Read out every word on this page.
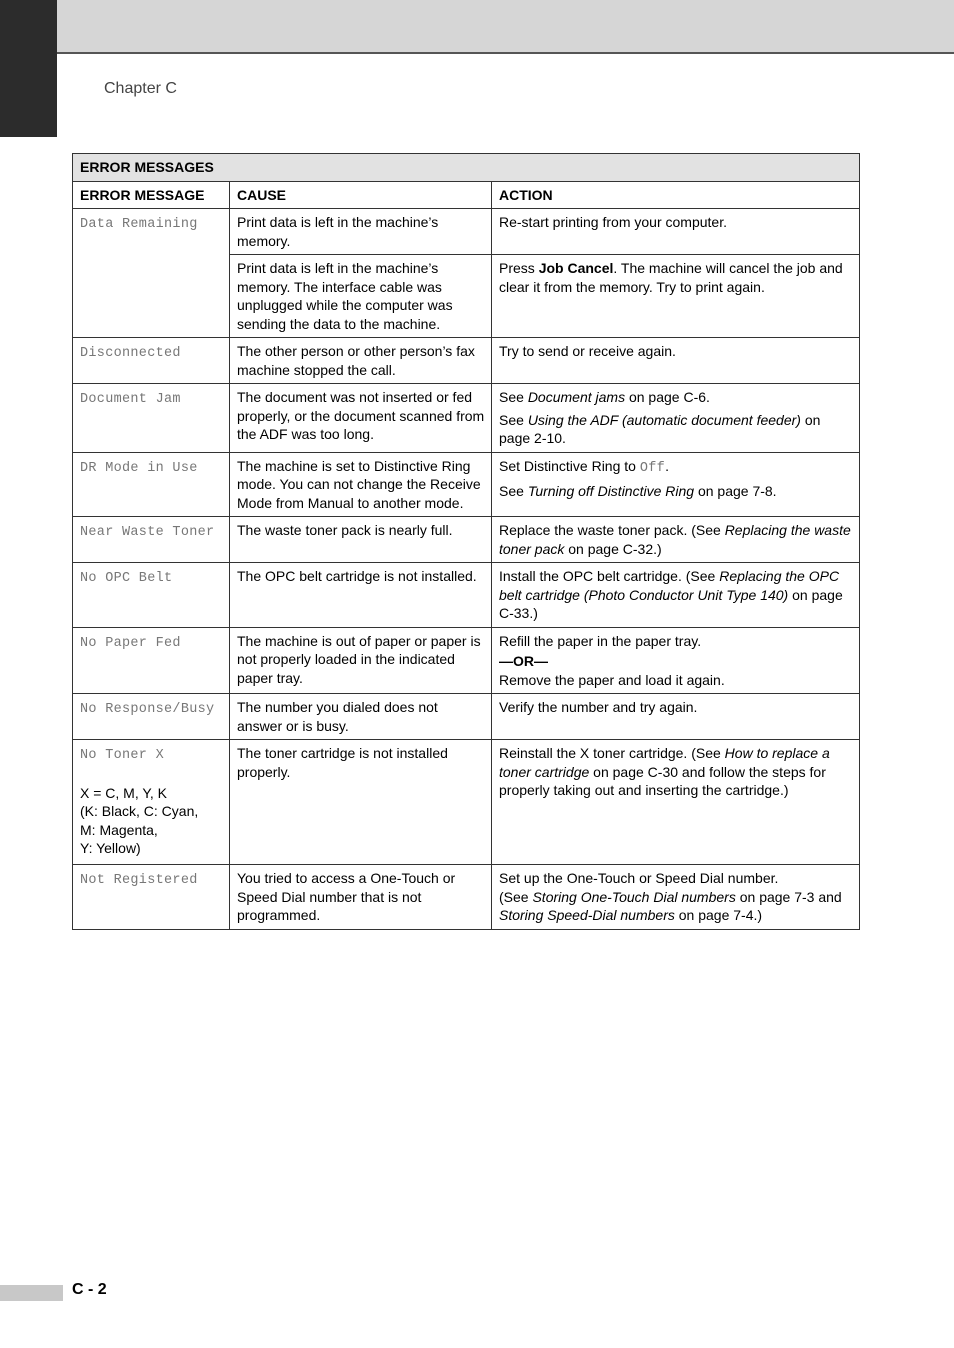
Chapter C
ERROR MESSAGES		
ERROR MESSAGE	CAUSE	ACTION
Data Remaining	Print data is left in the machine’s memory.	Re-start printing from your computer.
	Print data is left in the machine’s memory. The interface cable was unplugged while the computer was sending the data to the machine.	Press Job Cancel. The machine will cancel the job and clear it from the memory. Try to print again.
Disconnected	The other person or other person’s fax machine stopped the call.	Try to send or receive again.
Document Jam	The document was not inserted or fed properly, or the document scanned from the ADF was too long.	See Document jams on page C-6.
See Using the ADF (automatic document feeder) on page 2-10.

DR Mode in Use	The machine is set to Distinctive Ring mode. You can not change the Receive Mode from Manual to another mode.	Set Distinctive Ring to Off.
See Turning off Distinctive Ring on page 7-8.

Near Waste Toner	The waste toner pack is nearly full.	Replace the waste toner pack. (See Replacing the waste toner pack on page C-32.)
No OPC Belt	The OPC belt cartridge is not installed.	Install the OPC belt cartridge. (See Replacing the OPC belt cartridge (Photo Conductor Unit Type 140) on page C-33.)
No Paper Fed	The machine is out of paper or paper is not properly loaded in the indicated paper tray.	Refill the paper in the paper tray.
—OR—
Remove the paper and load it again.

No Response/Busy	The number you dialed does not answer or is busy.	Verify the number and try again.
No Toner X
X = C, M, Y, K
(K: Black, C: Cyan,
M: Magenta,
Y: Yellow)	The toner cartridge is not installed properly.	Reinstall the X toner cartridge. (See How to replace a toner cartridge on page C-30 and follow the steps for properly taking out and inserting the cartridge.)
Not Registered	You tried to access a One-Touch or Speed Dial number that is not programmed.	Set up the One-Touch or Speed Dial number.
(See Storing One-Touch Dial numbers on page 7-3 and Storing Speed-Dial numbers on page 7-4.)
C - 2
